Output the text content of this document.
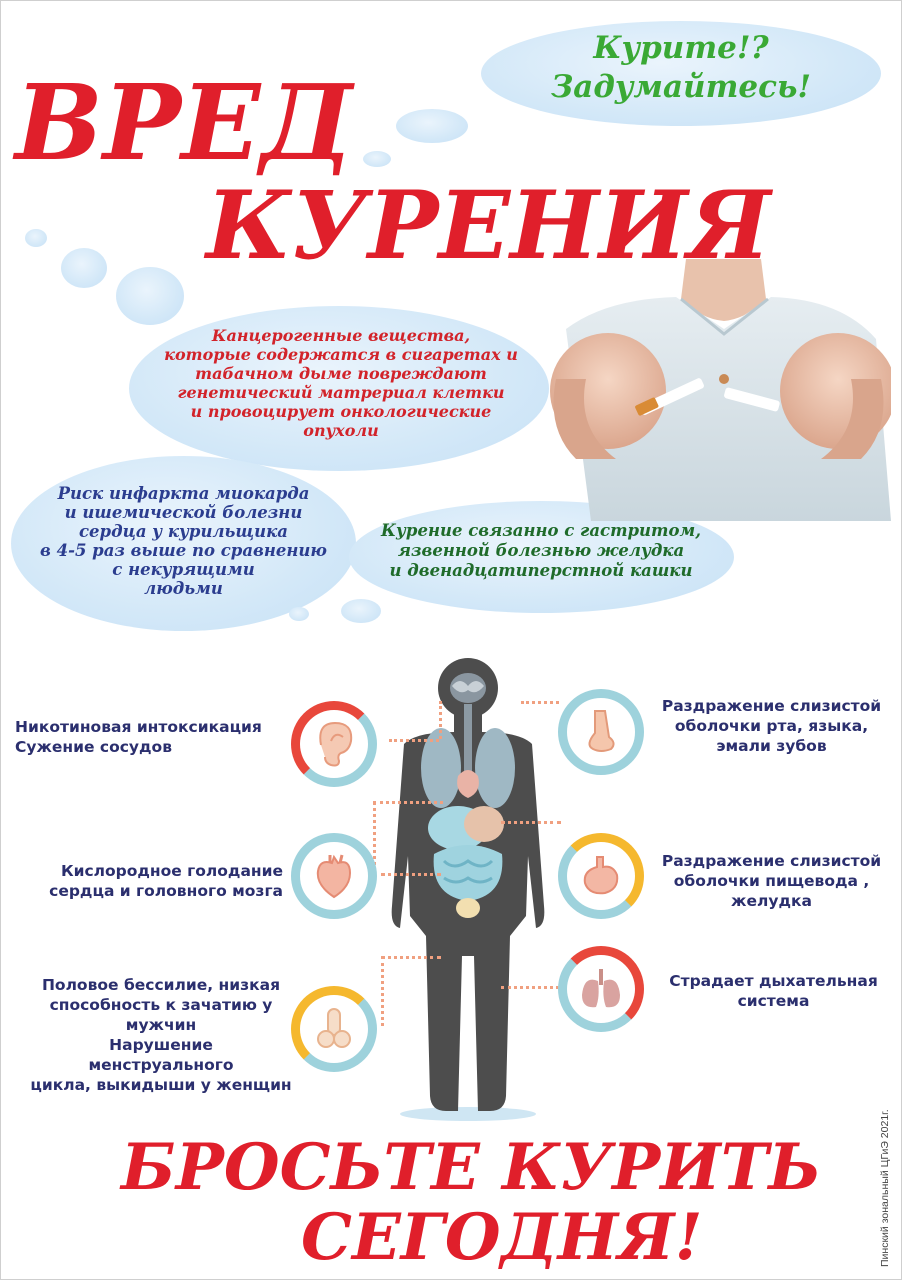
Курите!?
Задумайтесь!
ВРЕД
КУРЕНИЯ
Канцерогенные вещества,
которые содержатся в сигаретах и
табачном дыме повреждают
генетический матрериал клетки
и провоцирует онкологические
опухоли
Риск инфаркта миокарда
и ишемической болезни
сердца у курильщика
в 4-5 раз выше по сравнению
с некурящими
людьми
Курение связанно с гастритом,
язвенной болезнью желудка
и двенадцатиперстной кашки
Никотиновая интоксикация
Сужение сосудов
Кислородное голодание
сердца и головного мозга
Половое бессилие, низкая
способность к зачатию у
мужчин
Нарушение
менструального
цикла, выкидыши у женщин
Раздражение слизистой
оболочки рта, языка,
эмали зубов
Раздражение слизистой
оболочки пищевода ,
желудка
Страдает дыхательная
система
Пинский зональный ЦГиЭ 2021г.
БРОСЬТЕ КУРИТЬ
СЕГОДНЯ!
